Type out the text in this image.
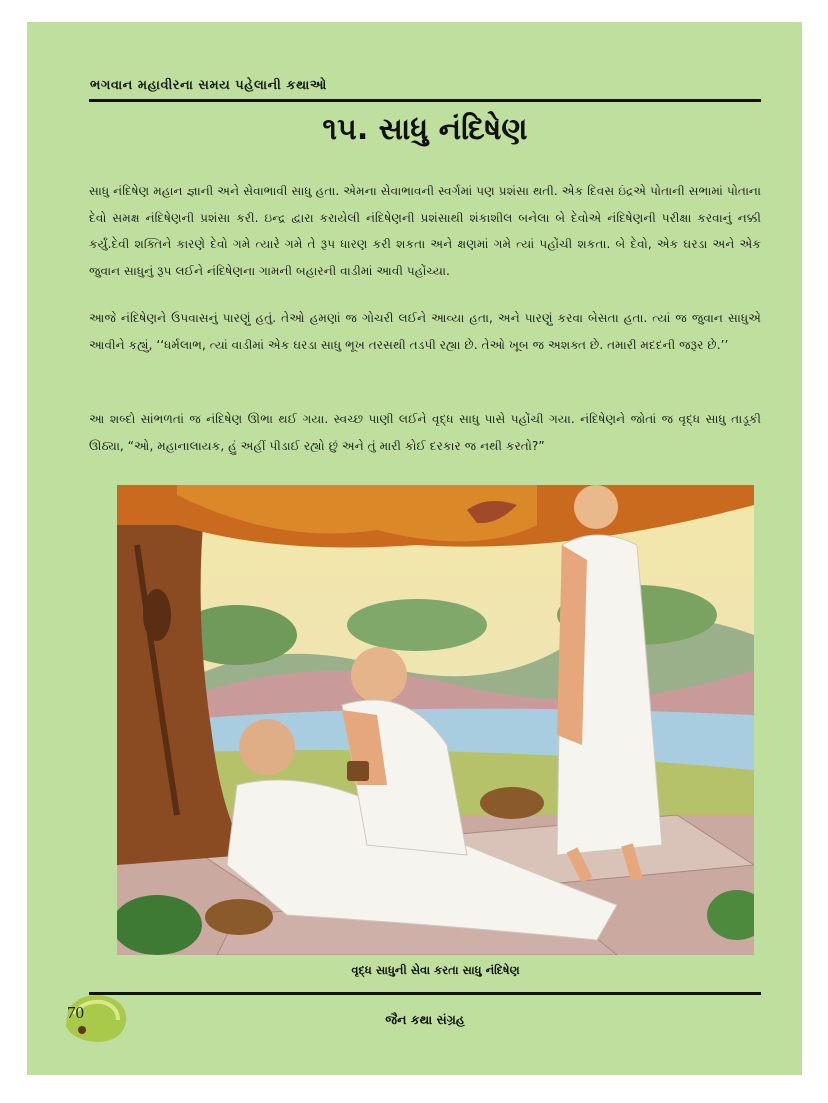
ભગવાન મહાવીરના સમય પહેલાની કથાઓ
૧૫. સાધુ નંદિષેણ

સાધુ નંદિષેણ મહાન જ્ઞાની અને સેવાભાવી સાધુ હતા. એમના સેવાભાવની સ્વર્ગમાં પણ પ્રશંસા થતી. એક દિવસ ઇંદ્રએ પોતાની સભામાં પોતાના દેવો સમક્ષ નંદિષેણની પ્રશંસા કરી. ઇન્દ્ર દ્વારા કરાયેલી નંદિષેણની પ્રશંસાથી શંકાશીલ બનેલા બે દેવોએ નંદિષેણની પરીક્ષા કરવાનું નક્કી કર્યું.દેવી શક્તિને કારણે દેવો ગમે ત્યારે ગમે તે રૂપ ધારણ કરી શકતા અને ક્ષણમાં ગમે ત્યાં પહોંચી શકતા. બે દેવો, એક ઘરડા અને એક જુવાન સાધુનું રૂપ લઈને નંદિષેણના ગામની બહારની વાડીમાં આવી પહોંચ્યા.

આજે નંદિષેણને ઉપવાસનું પારણું હતું. તેઓ હમણાં જ ગોચરી લઈને આવ્યા હતા, અને પારણું કરવા બેસતા હતા. ત્યાં જ જુવાન સાધુએ આવીને કહ્યું, ‘‘ધર્મલાભ, ત્યાં વાડીમાં એક ઘરડા સાધુ ભૂખ તરસથી તડપી રહ્યા છે. તેઓ ખૂબ જ અશક્ત છે. તમારી મદદની જરૂર છે.’’

આ શબ્દો સાંભળતાં જ નંદિષેણ ઊભા થઈ ગયા. સ્વચ્છ પાણી લઈને વૃદ્ધ સાધુ પાસે પહોંચી ગયા. નંદિષેણને જોતાં જ વૃદ્ધ સાધુ તાડૂકી ઊઠ્યા, “ઓ, મહાનાલાયક, હું અહીં પીડાઈ રહ્યો છું અને તું મારી કોઈ દરકાર જ નથી કરતો?”

વૃદ્ધ સાધુની સેવા કરતા સાધુ નંદિષેણ
70	જૈન કથા સંગ્રહ
